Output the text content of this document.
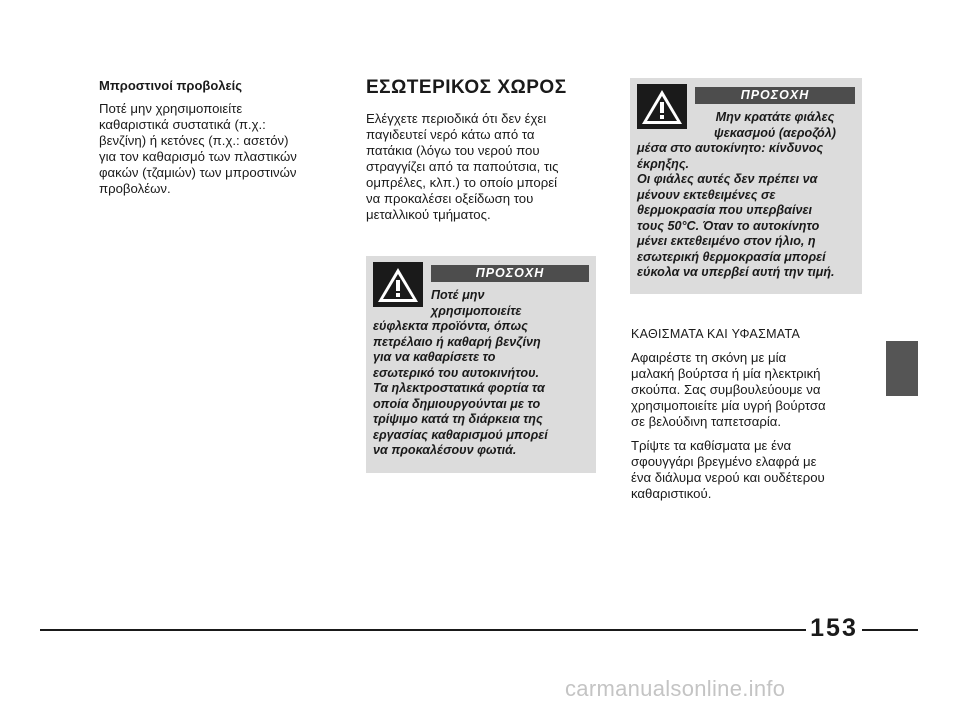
Μπροστινοί προβολείς
Ποτέ μην χρησιμοποιείτε
καθαριστικά συστατικά (π.χ.:
βενζίνη) ή κετόνες (π.χ.: ασετόν)
για τον καθαρισμό των πλαστικών
φακών (τζαμιών) των μπροστινών
προβολέων.
ΕΣΩΤΕΡΙΚΟΣ ΧΩΡΟΣ
Ελέγχετε περιοδικά ότι δεν έχει
παγιδευτεί νερό κάτω από τα
πατάκια (λόγω του νερού που
στραγγίζει από τα παπούτσια, τις
ομπρέλες, κλπ.) το οποίο μπορεί
να προκαλέσει οξείδωση του
μεταλλικού τμήματος.
ΠΡΟΣΟΧΗ
Ποτέ μην
χρησιμοποιείτε
εύφλεκτα προϊόντα, όπως
πετρέλαιο ή καθαρή βενζίνη
για να καθαρίσετε το
εσωτερικό του αυτοκινήτου.
Τα ηλεκτροστατικά φορτία τα
οποία δημιουργούνται με το
τρίψιμο κατά τη διάρκεια της
εργασίας καθαρισμού μπορεί
να προκαλέσουν φωτιά.
ΠΡΟΣΟΧΗ
Μην κρατάτε φιάλες
ψεκασμού (αεροζόλ)
μέσα στο αυτοκίνητο: κίνδυνος
έκρηξης.
Οι φιάλες αυτές δεν πρέπει να
μένουν εκτεθειμένες σε
θερμοκρασία που υπερβαίνει
τους 50°C. Όταν το αυτοκίνητο
μένει εκτεθειμένο στον ήλιο, η
εσωτερική θερμοκρασία μπορεί
εύκολα να υπερβεί αυτή την τιμή.
ΚΑΘΙΣΜΑΤΑ ΚΑΙ ΥΦΑΣΜΑΤΑ
Αφαιρέστε τη σκόνη με μία
μαλακή βούρτσα ή μία ηλεκτρική
σκούπα. Σας συμβουλεύουμε να
χρησιμοποιείτε μία υγρή βούρτσα
σε βελούδινη ταπετσαρία.
Τρίψτε τα καθίσματα με ένα
σφουγγάρι βρεγμένο ελαφρά με
ένα διάλυμα νερού και ουδέτερου
καθαριστικού.
153
carmanualsonline.info
